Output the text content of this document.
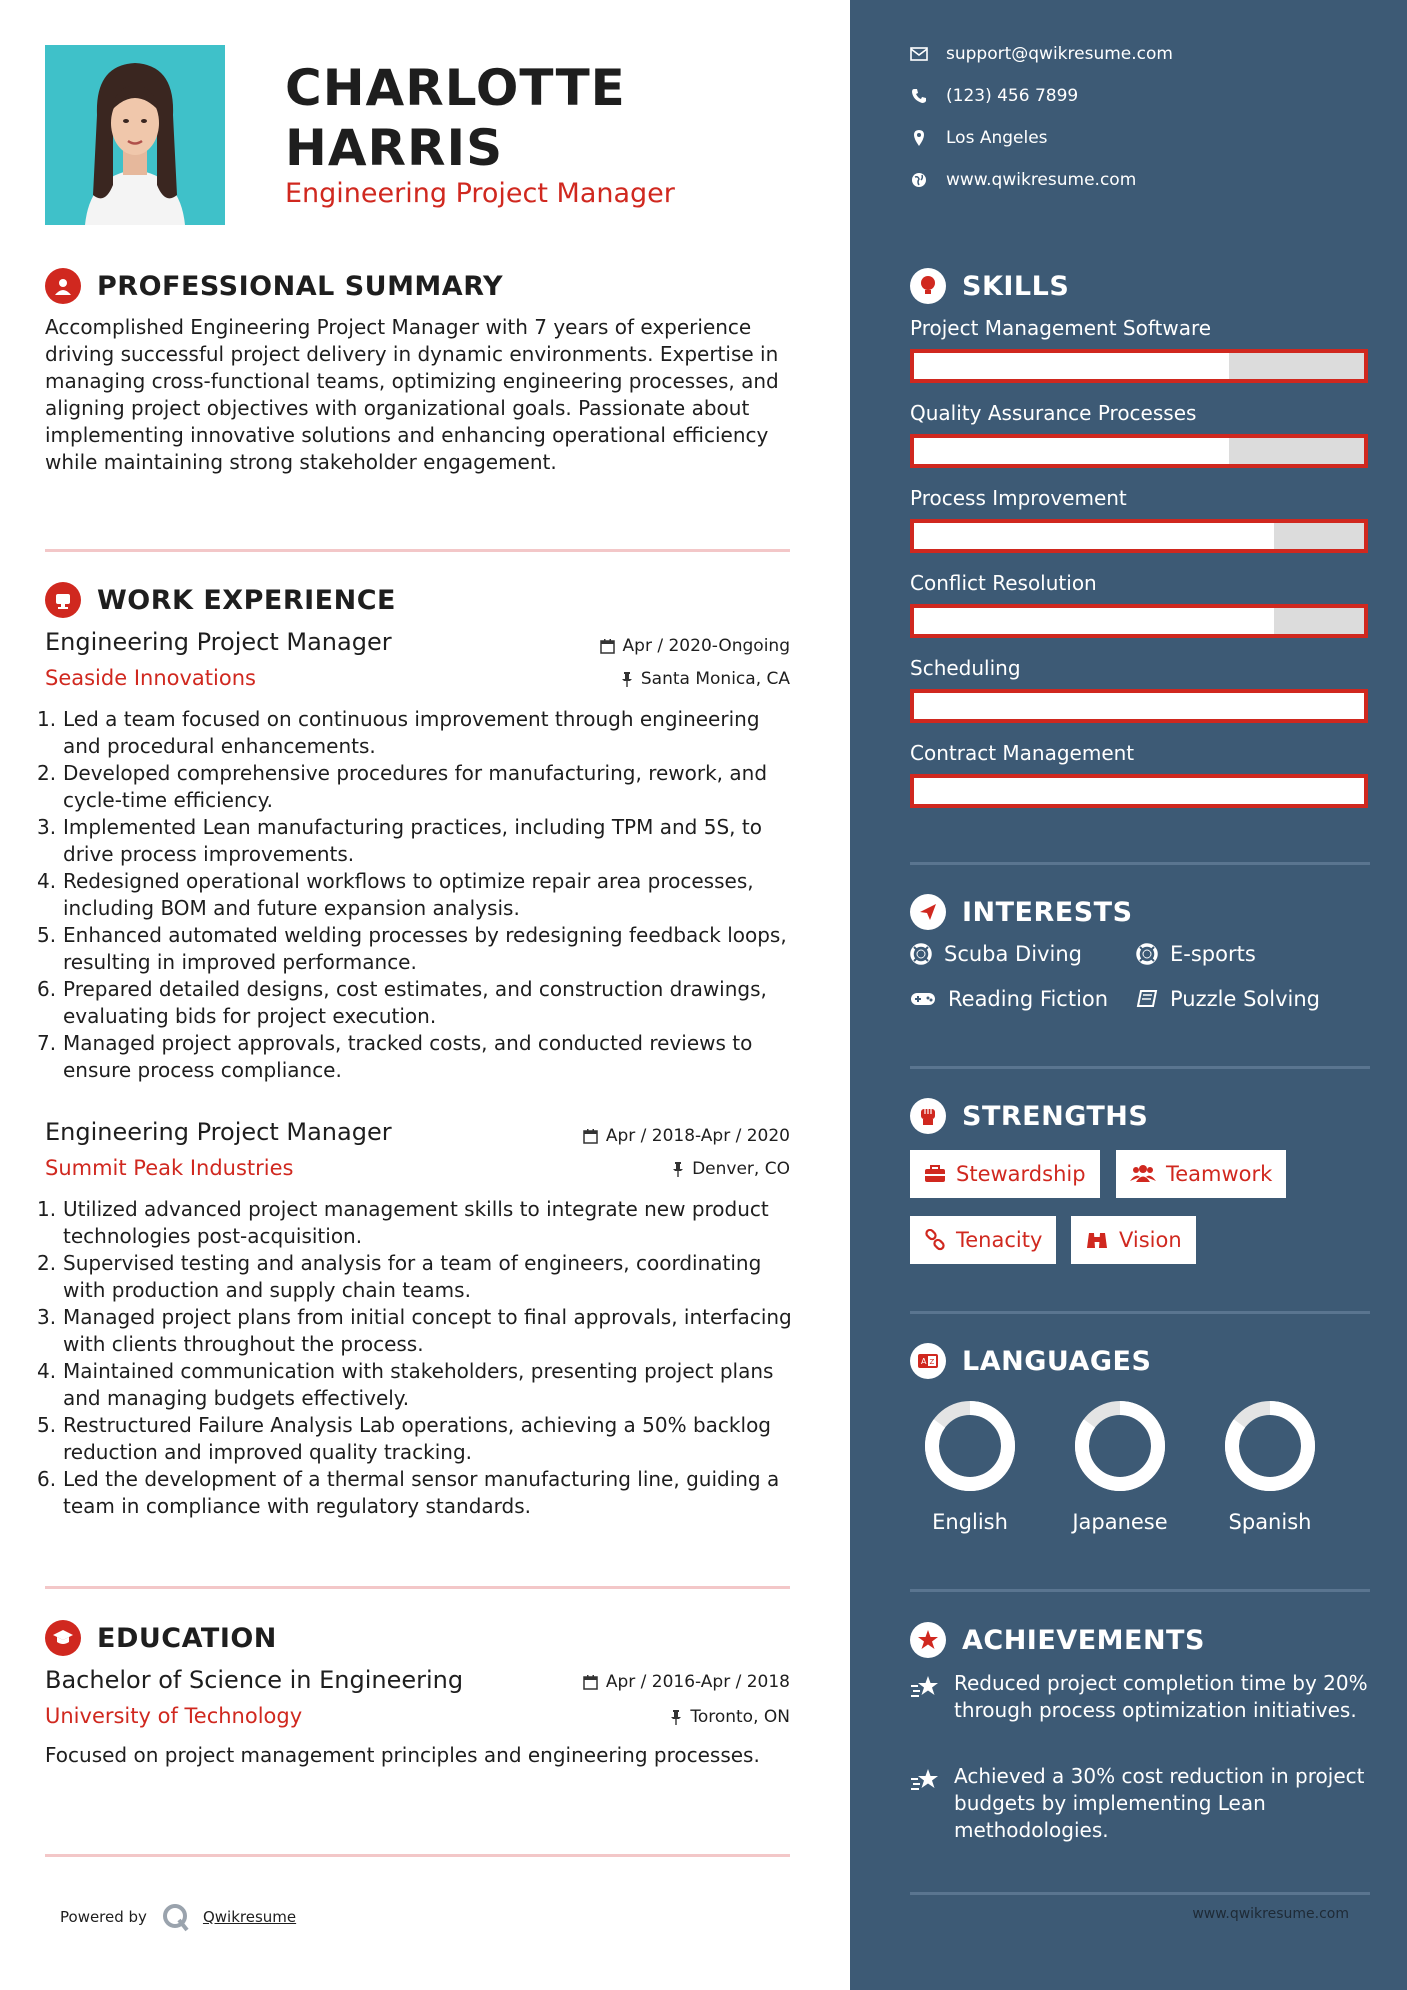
CHARLOTTE
HARRIS
Engineering Project Manager
PROFESSIONAL SUMMARY

Accomplished Engineering Project Manager with 7 years of experience driving successful project delivery in dynamic environments. Expertise in managing cross-functional teams, optimizing engineering processes, and aligning project objectives with organizational goals. Passionate about implementing innovative solutions and enhancing operational efficiency while maintaining strong stakeholder engagement.

WORK EXPERIENCE
Engineering Project Manager	Apr / 2020-Ongoing
Seaside Innovations	Santa Monica, CA
1. Led a team focused on continuous improvement through engineering and procedural enhancements.
2. Developed comprehensive procedures for manufacturing, rework, and cycle-time efficiency.
3. Implemented Lean manufacturing practices, including TPM and 5S, to drive process improvements.
4. Redesigned operational workflows to optimize repair area processes, including BOM and future expansion analysis.
5. Enhanced automated welding processes by redesigning feedback loops, resulting in improved performance.
6. Prepared detailed designs, cost estimates, and construction drawings, evaluating bids for project execution.
7. Managed project approvals, tracked costs, and conducted reviews to ensure process compliance.
Engineering Project Manager	Apr / 2018-Apr / 2020
Summit Peak Industries	Denver, CO
1. Utilized advanced project management skills to integrate new product technologies post-acquisition.
2. Supervised testing and analysis for a team of engineers, coordinating with production and supply chain teams.
3. Managed project plans from initial concept to final approvals, interfacing with clients throughout the process.
4. Maintained communication with stakeholders, presenting project plans and managing budgets effectively.
5. Restructured Failure Analysis Lab operations, achieving a 50% backlog reduction and improved quality tracking.
6. Led the development of a thermal sensor manufacturing line, guiding a team in compliance with regulatory standards.
EDUCATION
Bachelor of Science in Engineering	Apr / 2016-Apr / 2018
University of Technology	Toronto, ON

Focused on project management principles and engineering processes.

Powered by	Qwikresume
support@qwikresume.com
(123) 456 7899
Los Angeles
www.qwikresume.com
SKILLS
Project Management Software
Quality Assurance Processes
Process Improvement
Conflict Resolution
Scheduling
Contract Management
INTERESTS
Scuba Diving	E-sports
Reading Fiction	Puzzle Solving
STRENGTHS
Stewardship	Teamwork
Tenacity	Vision
A Z LANGUAGES
English	Japanese	Spanish
ACHIEVEMENTS
Reduced project completion time by 20% through process optimization initiatives.
Achieved a 30% cost reduction in project budgets by implementing Lean methodologies.
www.qwikresume.com
